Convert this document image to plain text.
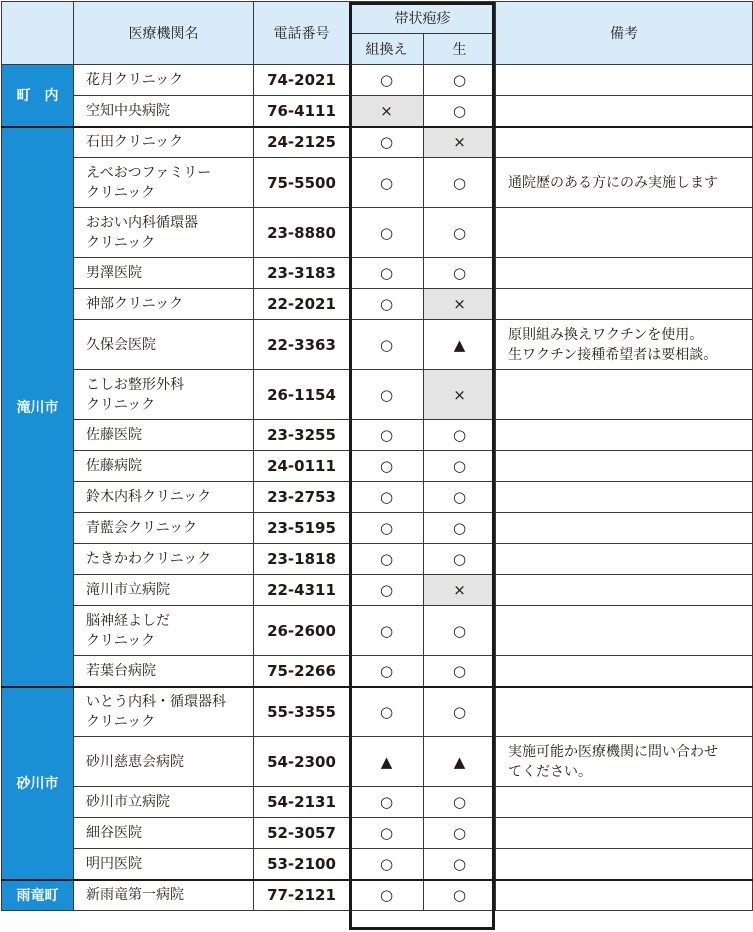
	医療機関名	電話番号	帯状疱疹		備考
			組換え	生	
町　内	花月クリニック	74-2021	○	○	

	空知中央病院	76-4111	×	○	
滝川市	石田クリニック	24-2125	○	×	

	えべおつファミリー
クリニック	75-5500	○	○	通院歴のある方にのみ実施します

	おおい内科循環器
クリニック	23-8880	○	○	

	男澤医院	23-3183	○	○	

	神部クリニック	22-2021	○	×	

	久保会医院	22-3363	○	▲	原則組み換えワクチンを使用。
生ワクチン接種希望者は要相談。

	こしお整形外科
クリニック	26-1154	○	×	

	佐藤医院	23-3255	○	○	

	佐藤病院	24-0111	○	○	

	鈴木内科クリニック	23-2753	○	○	

	青藍会クリニック	23-5195	○	○	

	たきかわクリニック	23-1818	○	○	

	滝川市立病院	22-4311	○	×	

	脳神経よしだ
クリニック	26-2600	○	○	

	若葉台病院	75-2266	○	○	
砂川市	いとう内科・循環器科
クリニック	55-3355	○	○	

	砂川慈恵会病院	54-2300	▲	▲	実施可能か医療機関に問い合わせ
てください。

	砂川市立病院	54-2131	○	○	

	細谷医院	52-3057	○	○	

	明円医院	53-2100	○	○	
雨竜町	新雨竜第一病院	77-2121	○	○	
